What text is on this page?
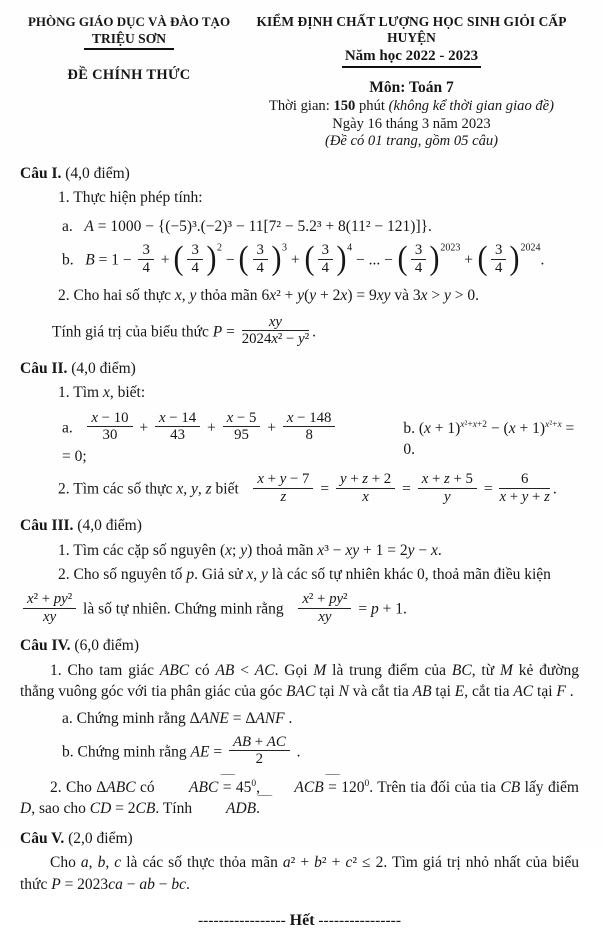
PHÒNG GIÁO DỤC VÀ ĐÀO TẠO
TRIỆU SƠN
ĐỀ CHÍNH THỨC
KIỂM ĐỊNH CHẤT LƯỢNG HỌC SINH GIỎI CẤP HUYỆN
Năm học 2022 - 2023
Môn: Toán 7
Thời gian: 150 phút (không kể thời gian giao đề)
Ngày 16 tháng 3 năm 2023
(Đề có 01 trang, gồm 05 câu)
Câu I. (4,0 điểm)
1. Thực hiện phép tính:
a.  A = 1000 − {(−5)³.(−2)³ − 11[7² − 5.2³ + 8(11² − 121)]}.
b.  $B = 1 - \frac{3}{4}$ + ( $\frac{3}{4} )^2$ − ( $\frac{3}{4} )^3$ + ( $\frac{3}{4} )^4$ − ... − ( $\frac{3}{4} )^{2023}$ + ( $\frac{3}{4} )^{2024}$.
2. Cho hai số thực x, y thỏa mãn 6x² + y(y + 2x) = 9xy và 3x > y > 0.
Tính giá trị của biểu thức $P = \frac{xy}{\text{2024x² − y²}}$ .
Câu II. (4,0 điểm)
1. Tìm x, biết:
a.   $\frac{x - 10}{30} + \frac{x - 14}{43} + \frac{x - 5}{95} + \frac{x - 148}{8}$
= 0;
b. $(x + 1)^{x^2+x+2} - (x + 1)^{x^2+x} = 0$.
2. Tìm các số thực x, y, z biết   $\frac{x + y - 7}{z} = \frac{y + z + 2}{x} = \frac{x + z + 5}{y} = \frac{6}{x + y + z}$ .
Câu III. (4,0 điểm)
1. Tìm các cặp số nguyên (x; y) thoả mãn x³ − xy + 1 = 2y − x.
2. Cho số nguyên tố p. Giả sử x, y là các số tự nhiên khác 0, thoả mãn điều kiện
$\frac{\text{x² + py²}}{xy}$ là số tự nhiên. Chứng minh rằng   $\frac{\text{x² + py²}}{xy} = p + 1$.
Câu IV. (6,0 điểm)
1. Cho tam giác ABC có AB < AC. Gọi M là trung điểm của BC, từ M kẻ đường thẳng vuông góc với tia phân giác của góc BAC tại N và cắt tia AB tại E, cắt tia AC tại F .
a. Chứng minh rằng ΔANE = ΔANF .
b. Chứng minh rằng AE = $\frac{AB + AC}{2}$ .
2. Cho ΔABC có
⌢
ABC = $45^0$,
⌢
ACB = $120^0$. Trên tia đối của tia CB lấy điểm D, sao cho CD = 2CB. Tính
⌢
ADB.
Câu V. (2,0 điểm)
Cho a, b, c là các số thực thỏa mãn a² + b² + c² ≤ 2. Tìm giá trị nhỏ nhất của biểu thức P = 2023ca − ab − bc.
----------------- Hết ----------------
